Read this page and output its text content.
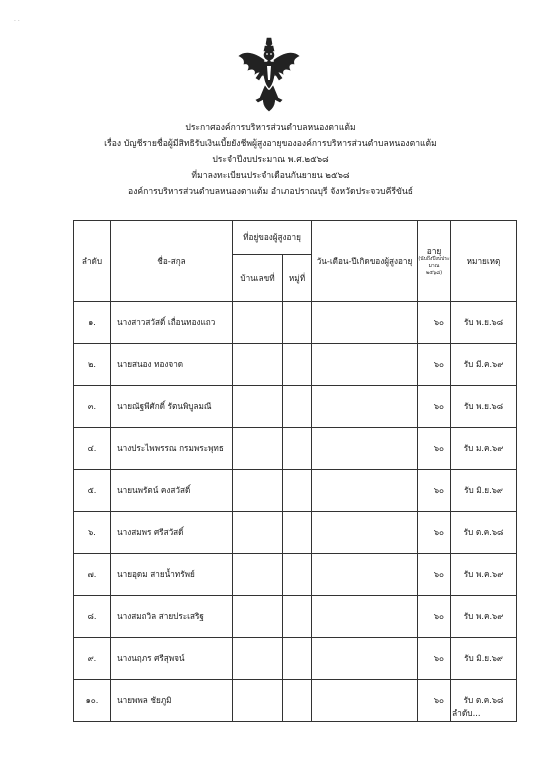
· ·
ประกาศองค์การบริหารส่วนตำบลหนองตาแต้ม
เรื่อง บัญชีรายชื่อผู้มีสิทธิรับเงินเบี้ยยังชีพผู้สูงอายุขององค์การบริหารส่วนตำบลหนองตาแต้ม
ประจำปีงบประมาณ พ.ศ.๒๕๖๘
ที่มาลงทะเบียนประจำเดือนกันยายน ๒๕๖๘
องค์การบริหารส่วนตำบลหนองตาแต้ม อำเภอปราณบุรี จังหวัดประจวบคีรีขันธ์
ลำดับ	ชื่อ-สกุล	ที่อยู่ของผู้สูงอายุ		วัน-เดือน-ปีเกิดของผู้สูงอายุ	อายุ
(นับถึงปีงบประ
มาณ
๒๕๖๘)	หมายเหตุ
		บ้านเลขที่	หมู่ที่			
๑.	นางสาวสวัสดิ์ เถื่อนทองแถว				๖๐	รับ พ.ย.๖๘
๒.	นายสนอง ทองจาด				๖๐	รับ มี.ค.๖๙
๓.	นายณัฐพีศักดิ์ รัตนพิบูลมณี				๖๐	รับ พ.ย.๖๘
๔.	นางประไพพรรณ กรมพระพุทธ				๖๐	รับ ม.ค.๖๙
๕.	นายนพรัตน์ คงสวัสดิ์				๖๐	รับ มิ.ย.๖๙
๖.	นางสมพร ศรีสวัสดิ์				๖๐	รับ ต.ค.๖๘
๗.	นายอุดม สายน้ำทรัพย์				๖๐	รับ พ.ค.๖๙
๘.	นางสมถวิล สายประเสริฐ				๖๐	รับ พ.ค.๖๙
๙.	นางนฤภร ศรีสุพจน์				๖๐	รับ มิ.ย.๖๙
๑๐.	นายพพล ชัยภูมิ				๖๐	รับ ต.ค.๖๘
ลำดับ...
